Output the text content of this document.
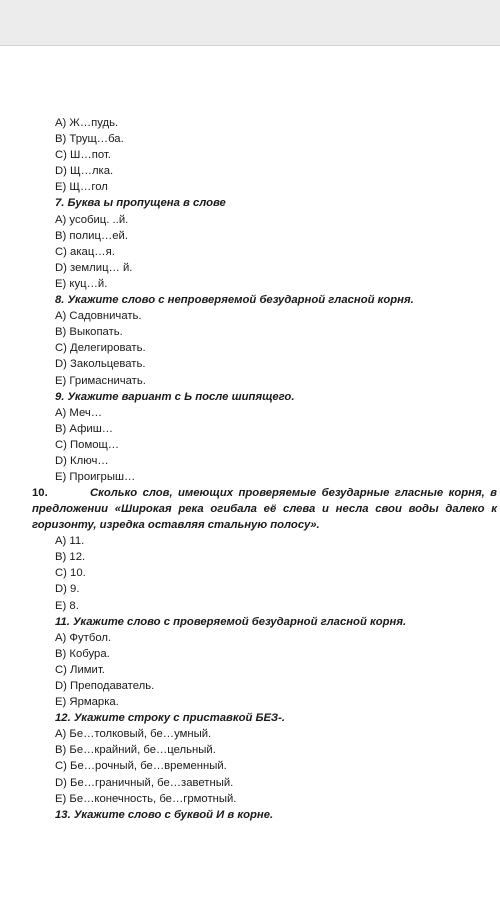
A) Ж…пудь.
B) Трущ…ба.
C) Ш…пот.
D) Щ…лка.
E) Щ…гол
7. Буква ы пропущена в слове
A) усобиц. ..й.
B) полиц…ей.
C) акац…я.
D) землиц… й.
E) куц…й.
8. Укажите слово с непроверяемой безударной гласной корня.
A) Садовничать.
B) Выкопать.
C) Делегировать.
D) Закольцевать.
E) Гримасничать.
9. Укажите вариант с Ь после шипящего.
A) Меч…
B) Афиш…
C) Помощ…
D) Ключ…
E) Проигрыш…
10.	Сколько слов, имеющих проверяемые безударные гласные корня, в предложении «Широкая река огибала её слева и несла свои воды далеко к горизонту, изредка оставляя стальную полосу».
A) 11.
B) 12.
C) 10.
D) 9.
E) 8.
11. Укажите слово с проверяемой безударной гласной корня.
A) Футбол.
B) Кобура.
C) Лимит.
D) Преподаватель.
E) Ярмарка.
12. Укажите строку с приставкой БЕЗ-.
A) Бе…толковый, бе…умный.
B) Бе…крайний, бе…цельный.
C) Бе…рочный, бе…временный.
D) Бе…граничный, бе…заветный.
E) Бе…конечность, бе…грмотный.
13. Укажите слово с буквой И в корне.
